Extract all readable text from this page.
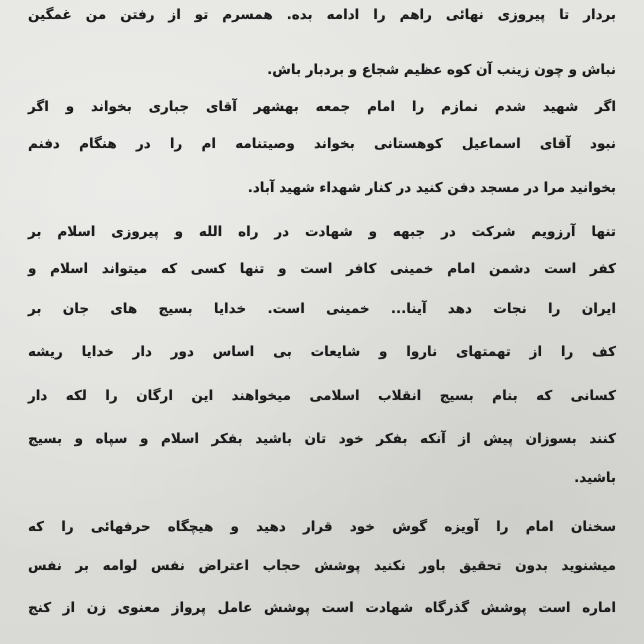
بردار تا پیروزی نهائی راهم را ادامه بده. همسرم تو از رفتن من غمگین
نباش و چون زینب آن کوه عظیم شجاع و بردبار باش.
اگر شهید شدم نمازم را امام جمعه بهشهر آقای جباری بخواند و اگر
نبود آقای اسماعیل کوهستانی بخواند وصیتنامه ام را در هنگام دفنم
بخوانید مرا در مسجد دفن کنید در کنار شهداء شهید آباد.
تنها آرزویم شرکت در جبهه و شهادت در راه الله و پیروزی اسلام بر
کفر است دشمن امام خمینی کافر است و تنها کسی که میتواند اسلام و
ایران را نجات دهد آینا... خمینی است. خدایا بسیج های جان بر
کف را از تهمتهای ناروا و شایعات بی اساس دور دار خدایا ریشه
کسانی که بنام بسیج انقلاب اسلامی میخواهند این ارگان را لکه دار
کنند بسوزان پیش از آنکه بفکر خود تان باشید بفکر اسلام و سپاه و بسیج
باشید.
سخنان امام را آویزه گوش خود قرار دهید و هیچگاه حرفهائی را که
میشنوید بدون تحقیق باور نکنید پوشش حجاب اعتراض نفس لوامه بر نفس
اماره است پوشش گذرگاه شهادت است پوشش عامل پرواز معنوی زن از کنج
